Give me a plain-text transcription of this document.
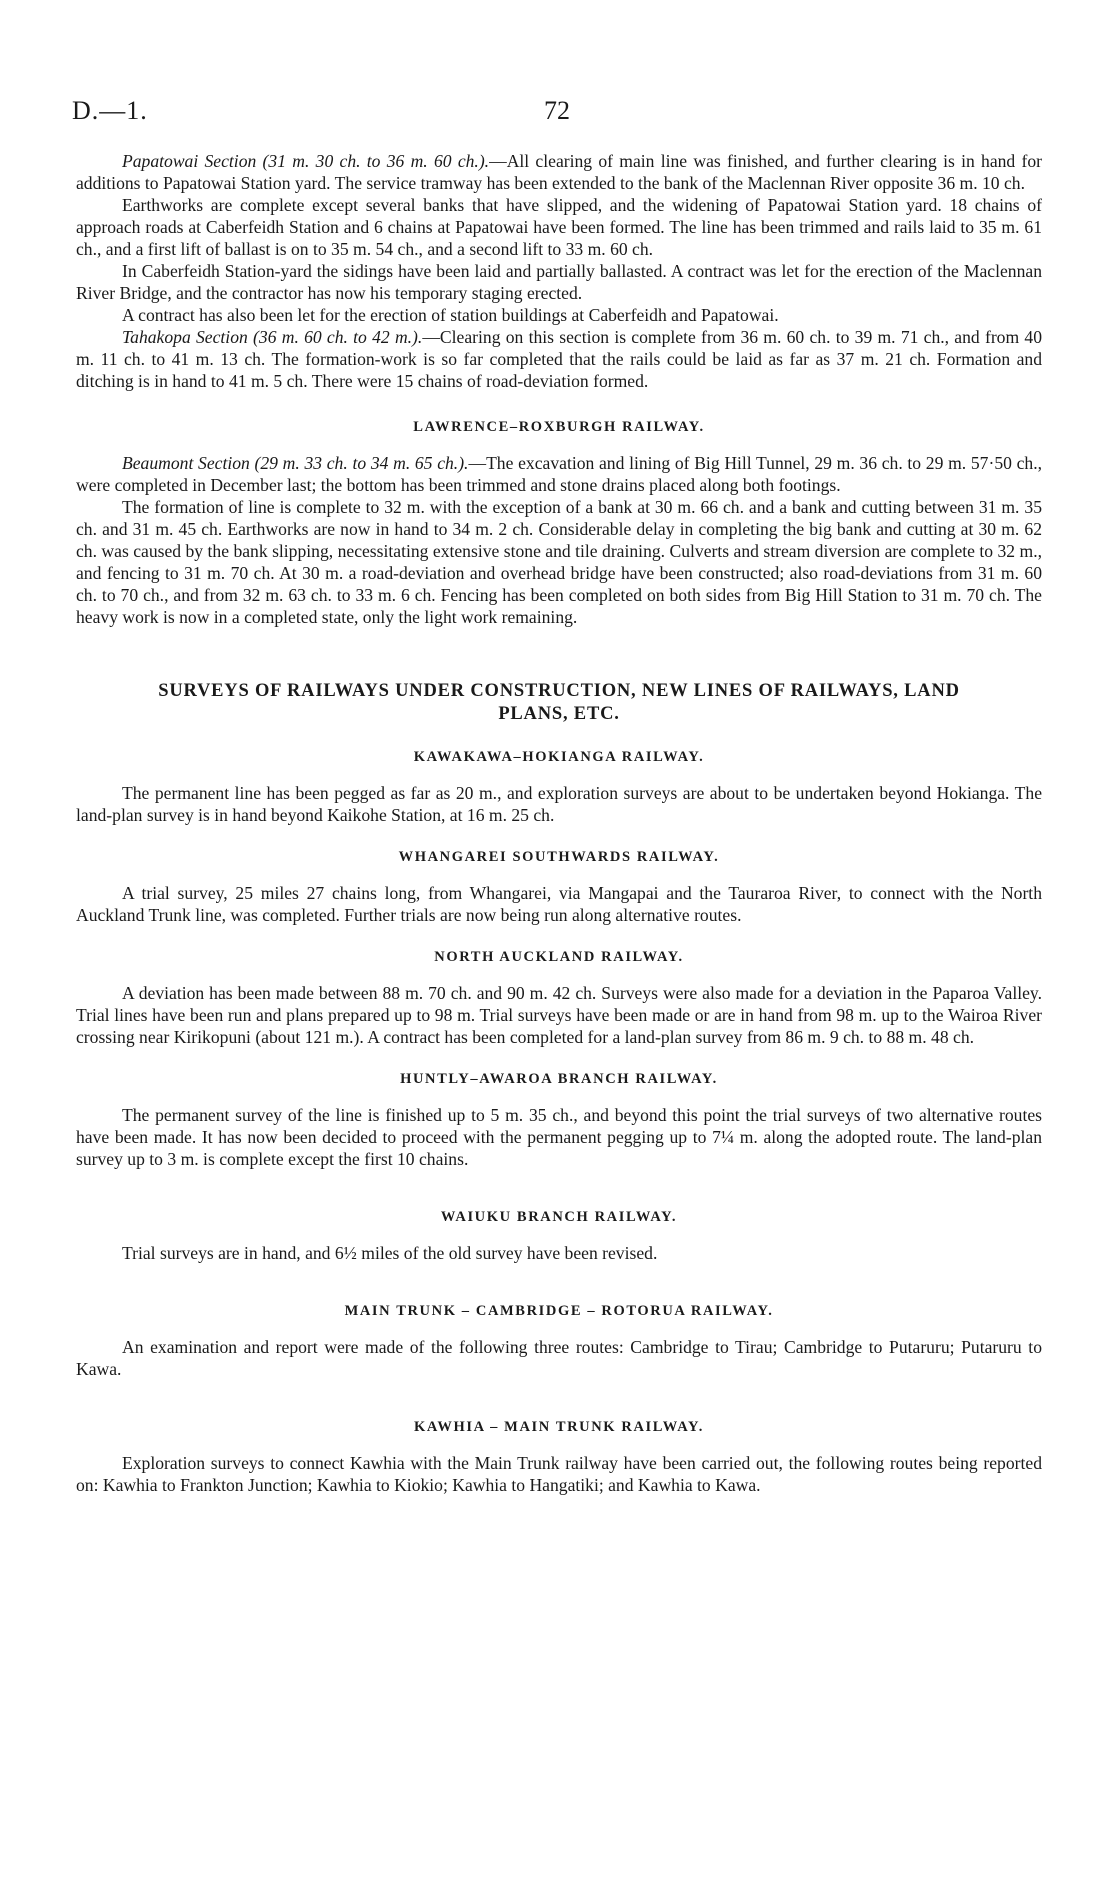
D.—1.	72

Papatowai Section (31 m. 30 ch. to 36 m. 60 ch.).—All clearing of main line was finished, and further clearing is in hand for additions to Papatowai Station yard. The service tramway has been extended to the bank of the Maclennan River opposite 36 m. 10 ch.

Earthworks are complete except several banks that have slipped, and the widening of Papatowai Station yard. 18 chains of approach roads at Caberfeidh Station and 6 chains at Papatowai have been formed. The line has been trimmed and rails laid to 35 m. 61 ch., and a first lift of ballast is on to 35 m. 54 ch., and a second lift to 33 m. 60 ch.

In Caberfeidh Station-yard the sidings have been laid and partially ballasted. A contract was let for the erection of the Maclennan River Bridge, and the contractor has now his temporary staging erected.

A contract has also been let for the erection of station buildings at Caberfeidh and Papatowai.

Tahakopa Section (36 m. 60 ch. to 42 m.).—Clearing on this section is complete from 36 m. 60 ch. to 39 m. 71 ch., and from 40 m. 11 ch. to 41 m. 13 ch. The formation-work is so far completed that the rails could be laid as far as 37 m. 21 ch. Formation and ditching is in hand to 41 m. 5 ch. There were 15 chains of road-deviation formed.

LAWRENCE–ROXBURGH RAILWAY.

Beaumont Section (29 m. 33 ch. to 34 m. 65 ch.).—The excavation and lining of Big Hill Tunnel, 29 m. 36 ch. to 29 m. 57·50 ch., were completed in December last; the bottom has been trimmed and stone drains placed along both footings.

The formation of line is complete to 32 m. with the exception of a bank at 30 m. 66 ch. and a bank and cutting between 31 m. 35 ch. and 31 m. 45 ch. Earthworks are now in hand to 34 m. 2 ch. Considerable delay in completing the big bank and cutting at 30 m. 62 ch. was caused by the bank slipping, necessitating extensive stone and tile draining. Culverts and stream diversion are complete to 32 m., and fencing to 31 m. 70 ch. At 30 m. a road-deviation and overhead bridge have been constructed; also road-deviations from 31 m. 60 ch. to 70 ch., and from 32 m. 63 ch. to 33 m. 6 ch. Fencing has been completed on both sides from Big Hill Station to 31 m. 70 ch. The heavy work is now in a completed state, only the light work remaining.

SURVEYS OF RAILWAYS UNDER CONSTRUCTION, NEW LINES OF RAILWAYS, LAND
PLANS, ETC.
KAWAKAWA–HOKIANGA RAILWAY.

The permanent line has been pegged as far as 20 m., and exploration surveys are about to be undertaken beyond Hokianga. The land-plan survey is in hand beyond Kaikohe Station, at 16 m. 25 ch.

WHANGAREI SOUTHWARDS RAILWAY.

A trial survey, 25 miles 27 chains long, from Whangarei, via Mangapai and the Tauraroa River, to connect with the North Auckland Trunk line, was completed. Further trials are now being run along alternative routes.

NORTH AUCKLAND RAILWAY.

A deviation has been made between 88 m. 70 ch. and 90 m. 42 ch. Surveys were also made for a deviation in the Paparoa Valley. Trial lines have been run and plans prepared up to 98 m. Trial surveys have been made or are in hand from 98 m. up to the Wairoa River crossing near Kirikopuni (about 121 m.). A contract has been completed for a land-plan survey from 86 m. 9 ch. to 88 m. 48 ch.

HUNTLY–AWAROA BRANCH RAILWAY.

The permanent survey of the line is finished up to 5 m. 35 ch., and beyond this point the trial surveys of two alternative routes have been made. It has now been decided to proceed with the permanent pegging up to 7¼ m. along the adopted route. The land-plan survey up to 3 m. is complete except the first 10 chains.

WAIUKU BRANCH RAILWAY.

Trial surveys are in hand, and 6½ miles of the old survey have been revised.

MAIN TRUNK – CAMBRIDGE – ROTORUA RAILWAY.

An examination and report were made of the following three routes: Cambridge to Tirau; Cambridge to Putaruru; Putaruru to Kawa.

KAWHIA – MAIN TRUNK RAILWAY.

Exploration surveys to connect Kawhia with the Main Trunk railway have been carried out, the following routes being reported on: Kawhia to Frankton Junction; Kawhia to Kiokio; Kawhia to Hangatiki; and Kawhia to Kawa.
